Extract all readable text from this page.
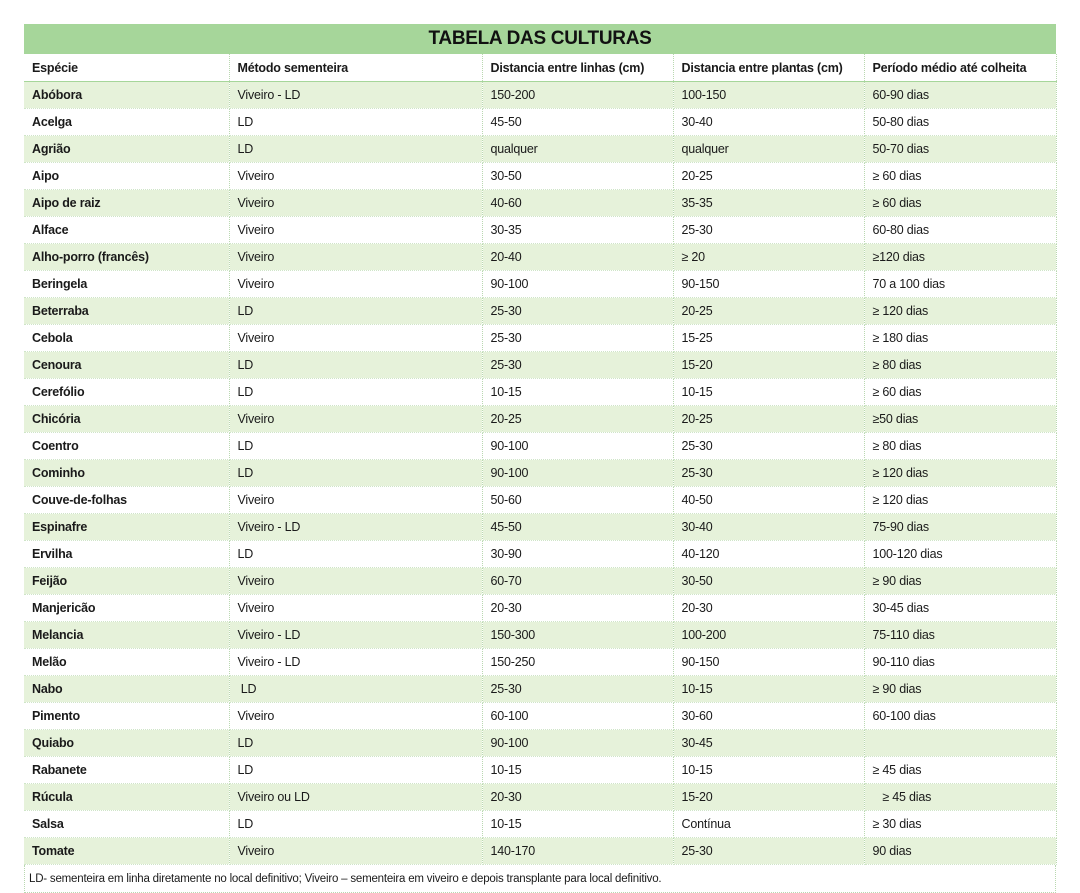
TABELA DAS CULTURAS
Espécie	Método sementeira	Distancia entre linhas (cm)	Distancia entre plantas (cm)	Período médio até colheita
Abóbora	Viveiro - LD	150-200	100-150	60-90 dias
Acelga	LD	45-50	30-40	50-80 dias
Agrião	LD	qualquer	qualquer	50-70 dias
Aipo	Viveiro	30-50	20-25	≥ 60 dias
Aipo de raiz	Viveiro	40-60	35-35	≥ 60 dias
Alface	Viveiro	30-35	25-30	60-80 dias
Alho-porro (francês)	Viveiro	20-40	≥ 20	≥120 dias
Beringela	Viveiro	90-100	90-150	70 a 100 dias
Beterraba	LD	25-30	20-25	≥ 120 dias
Cebola	Viveiro	25-30	15-25	≥ 180 dias
Cenoura	LD	25-30	15-20	≥ 80 dias
Cerefólio	LD	10-15	10-15	≥ 60 dias
Chicória	Viveiro	20-25	20-25	≥50 dias
Coentro	LD	90-100	25-30	≥ 80 dias
Cominho	LD	90-100	25-30	≥ 120 dias
Couve-de-folhas	Viveiro	50-60	40-50	≥ 120 dias
Espinafre	Viveiro - LD	45-50	30-40	75-90 dias
Ervilha	LD	30-90	40-120	100-120 dias
Feijão	Viveiro	60-70	30-50	≥ 90 dias
Manjericão	Viveiro	20-30	20-30	30-45 dias
Melancia	Viveiro - LD	150-300	100-200	75-110 dias
Melão	Viveiro - LD	150-250	90-150	90-110 dias
Nabo	LD	25-30	10-15	≥ 90 dias
Pimento	Viveiro	60-100	30-60	60-100 dias
Quiabo	LD	90-100	30-45	
Rabanete	LD	10-15	10-15	≥ 45 dias
Rúcula	Viveiro ou LD	20-30	15-20	≥ 45 dias
Salsa	LD	10-15	Contínua	≥ 30 dias
Tomate	Viveiro	140-170	25-30	90 dias
LD- sementeira em linha diretamente no local definitivo; Viveiro – sementeira em viveiro e depois transplante para local definitivo.
